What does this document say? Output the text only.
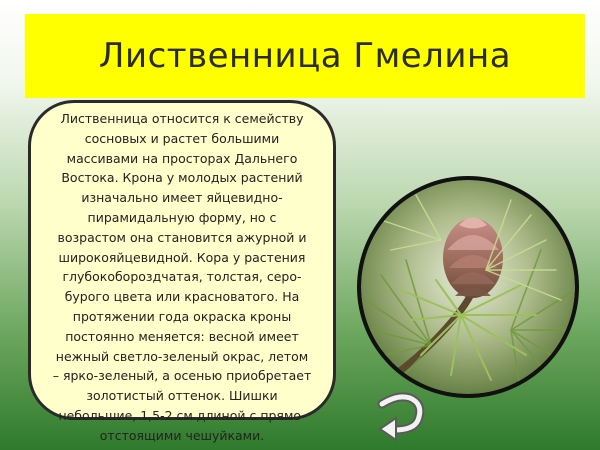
Лиственница Гмелина
Лиственница относится к семейству
сосновых и растет большими
массивами на просторах Дальнего
Востока. Крона у молодых растений
изначально имеет яйцевидно-
пирамидальную форму, но с
возрастом она становится ажурной и
широкояйцевидной. Кора у растения
глубокобороздчатая, толстая, серо-
бурого цвета или красноватого. На
протяжении года окраска кроны
постоянно меняется: весной имеет
нежный светло-зеленый окрас, летом
– ярко-зеленый, а осенью приобретает
золотистый оттенок. Шишки
небольшие, 1,5-2 см длиной с прямо-
отстоящими чешуйками.
